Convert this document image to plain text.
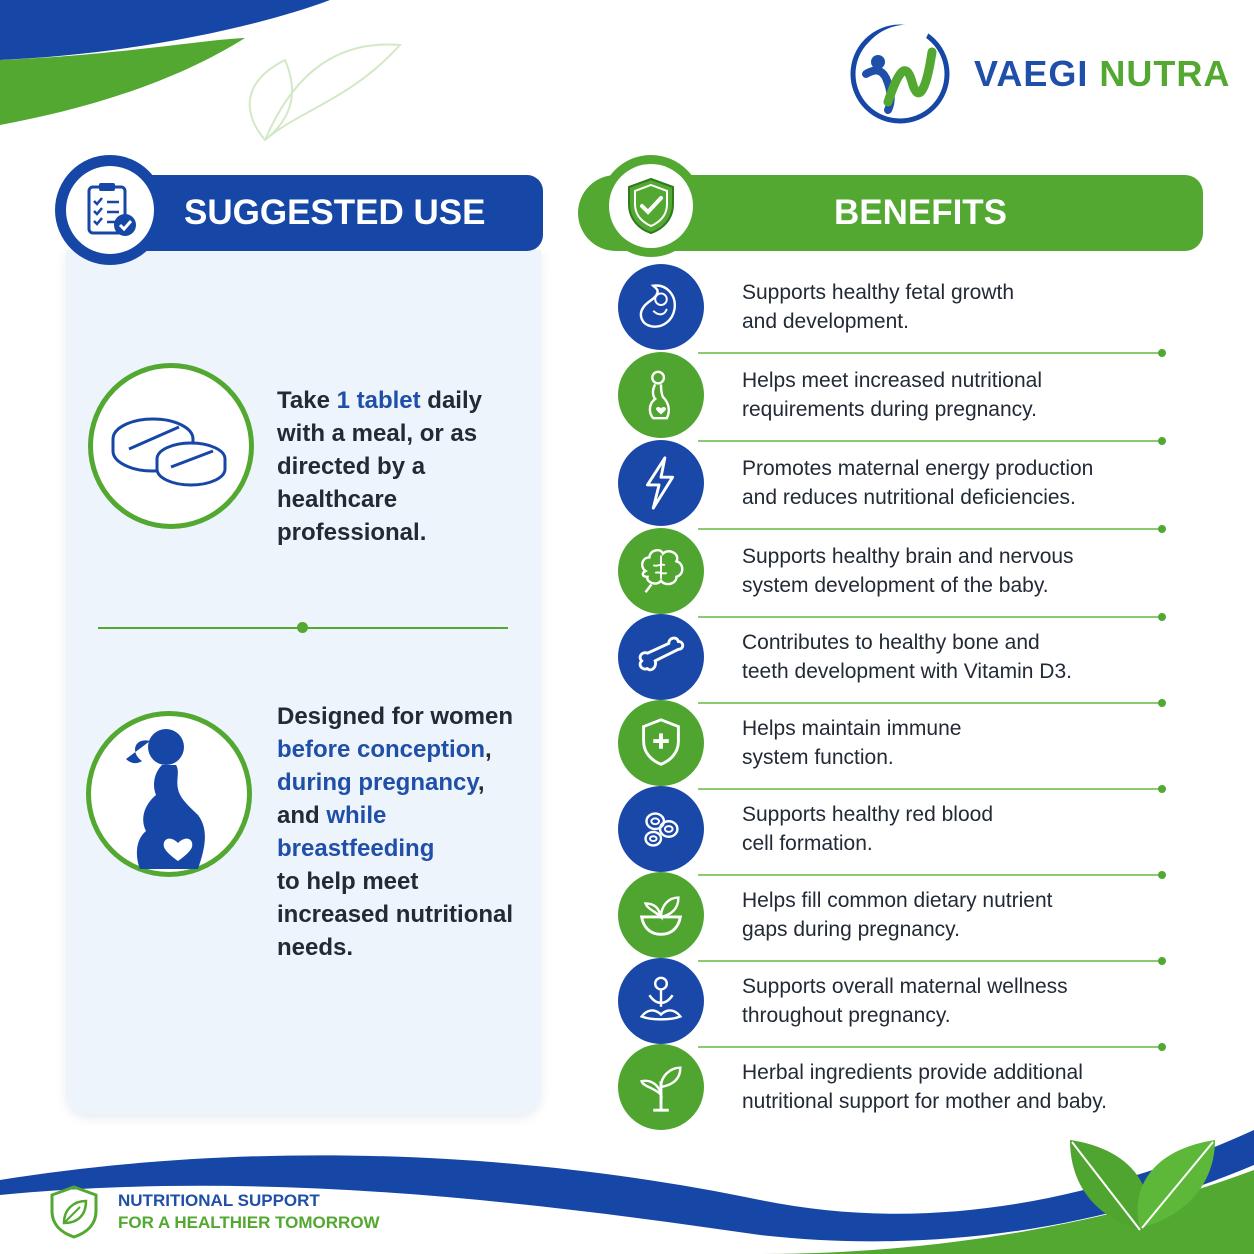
VAEGI NUTRA
SUGGESTED USE
Take 1 tablet daily
with a meal, or as
directed by a
healthcare
professional.
Designed for women
before conception,
during pregnancy,
and while
breastfeeding
to help meet
increased nutritional
needs.
BENEFITS
Supports healthy fetal growth
and development.
Helps meet increased nutritional
requirements during pregnancy.
Promotes maternal energy production
and reduces nutritional deficiencies.
Supports healthy brain and nervous
system development of the baby.
Contributes to healthy bone and
teeth development with Vitamin D3.
Helps maintain immune
system function.
Supports healthy red blood
cell formation.
Helps fill common dietary nutrient
gaps during pregnancy.
Supports overall maternal wellness
throughout pregnancy.
Herbal ingredients provide additional
nutritional support for mother and baby.
NUTRITIONAL SUPPORT
FOR A HEALTHIER TOMORROW
